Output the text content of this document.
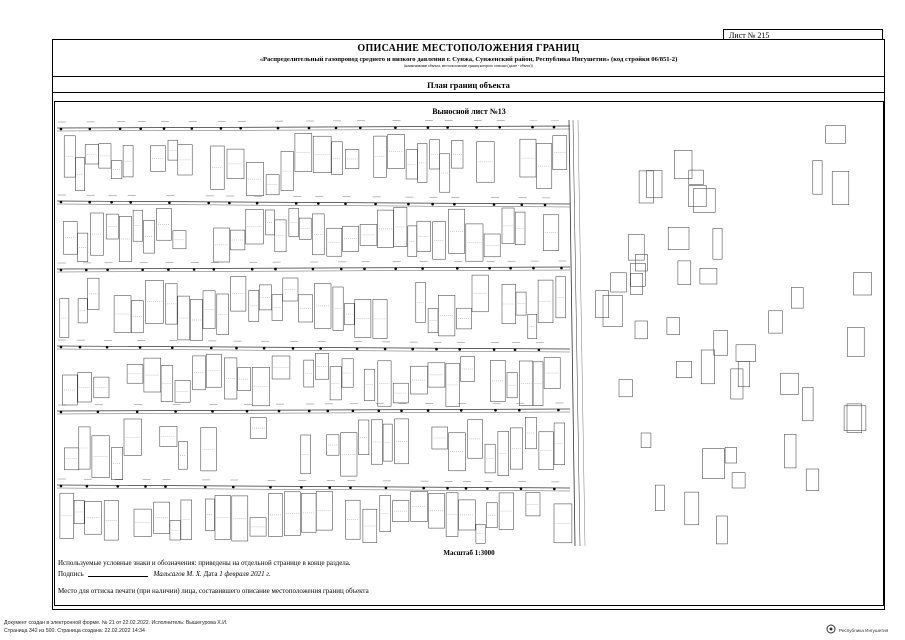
Лист № 215
ОПИСАНИЕ МЕСТОПОЛОЖЕНИЯ ГРАНИЦ
«Распределительный газопровод среднего и низкого давления г. Сунжа, Сунженский район, Республика Ингушетия» (код стройки 06/851-2)
(наименование объекта, местоположение границ которого описано (далее - объект))
План границ объекта
Выносной лист №13
Масштаб 1:3000
Используемые условные знаки и обозначения: приведены на отдельной странице в конце раздела.
Подпись	Мальсагов М. Х. Дата 1 февраля 2021 г.
Место для оттиска печати (при наличии) лица, составившего описание местоположения границ объекта
Документ создан в электронной форме. № 21 от 22.02.2022. Исполнитель: Вышегурова Х.И.
Страница 342 из 500. Страница создана: 22.02.2022 14:34	Республика Ингушетия
